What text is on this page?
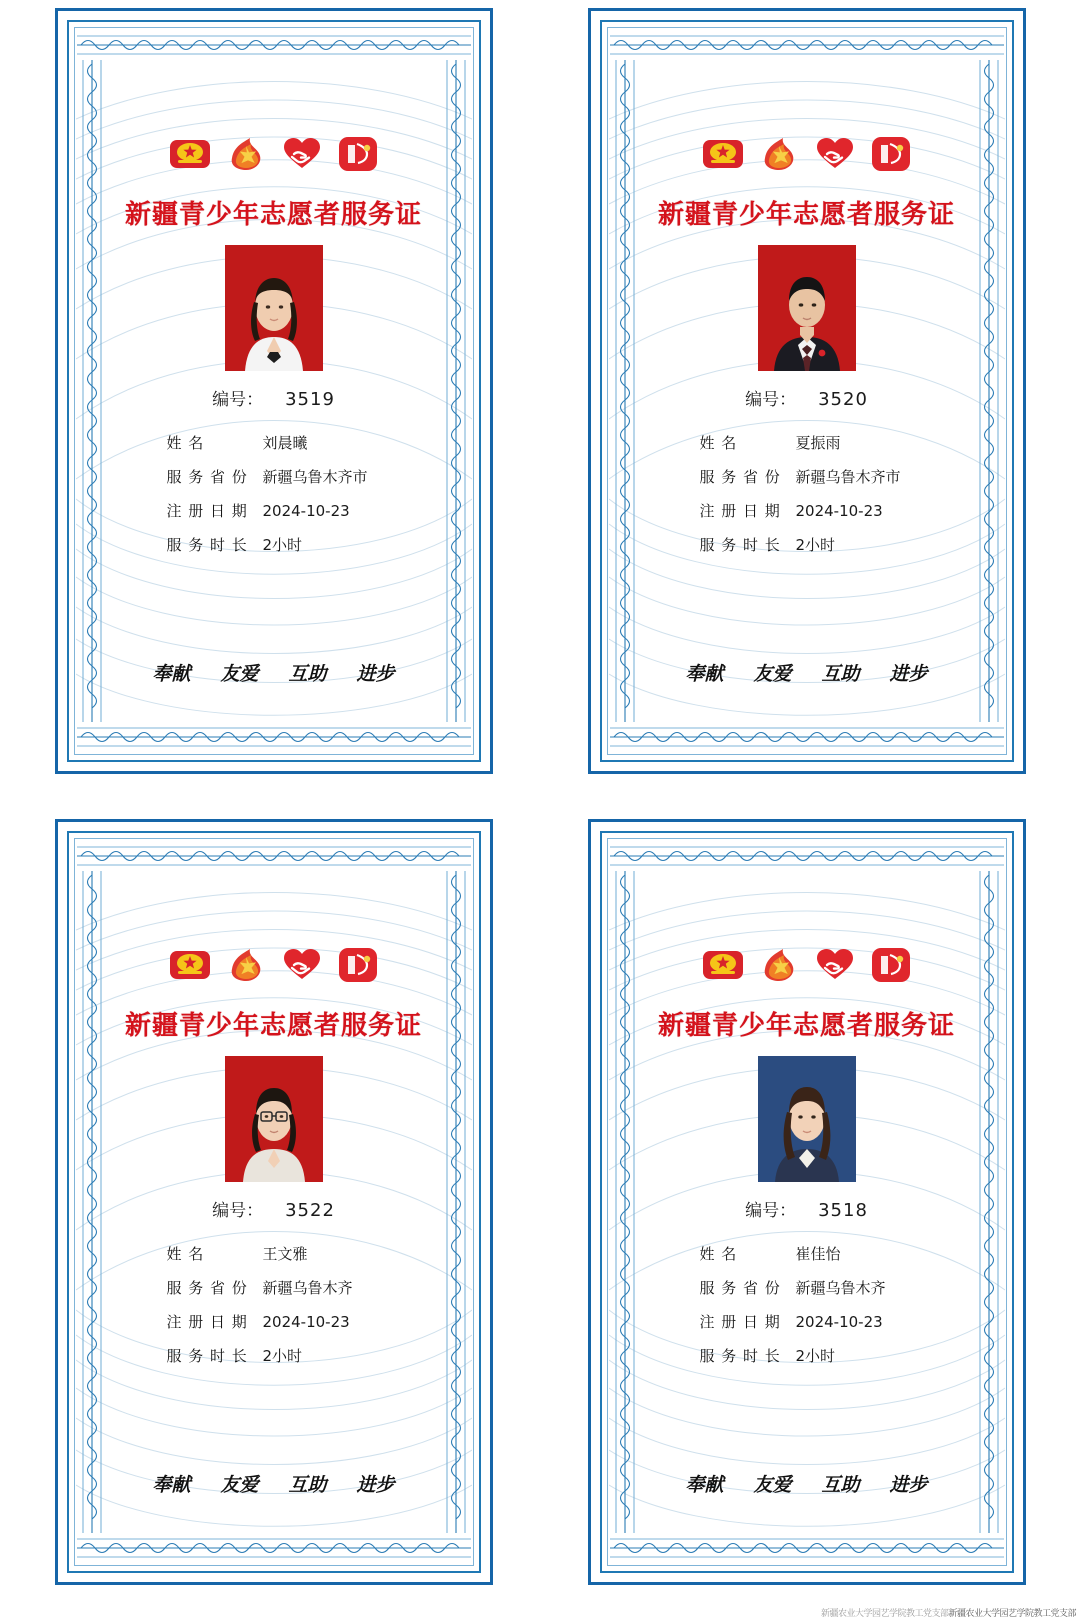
新疆青少年志愿者服务证
编号： 3519
姓 名	刘晨曦
服 务 省 份 新疆乌鲁木齐市
注 册 日 期 2024-10-23
服 务 时 长 2小时
奉献 友爱 互助 进步
新疆青少年志愿者服务证
编号： 3520
姓 名	夏振雨
服 务 省 份 新疆乌鲁木齐市
注 册 日 期 2024-10-23
服 务 时 长 2小时
奉献 友爱 互助 进步
新疆青少年志愿者服务证
编号： 3522
姓 名	王文雅
服 务 省 份 新疆乌鲁木齐
注 册 日 期 2024-10-23
服 务 时 长 2小时
奉献 友爱 互助 进步
新疆青少年志愿者服务证
编号： 3518
姓 名	崔佳怡
服 务 省 份 新疆乌鲁木齐
注 册 日 期 2024-10-23
服 务 时 长 2小时
奉献 友爱 互助 进步
新疆农业大学园艺学院教工党支部新疆农业大学园艺学院教工党支部
